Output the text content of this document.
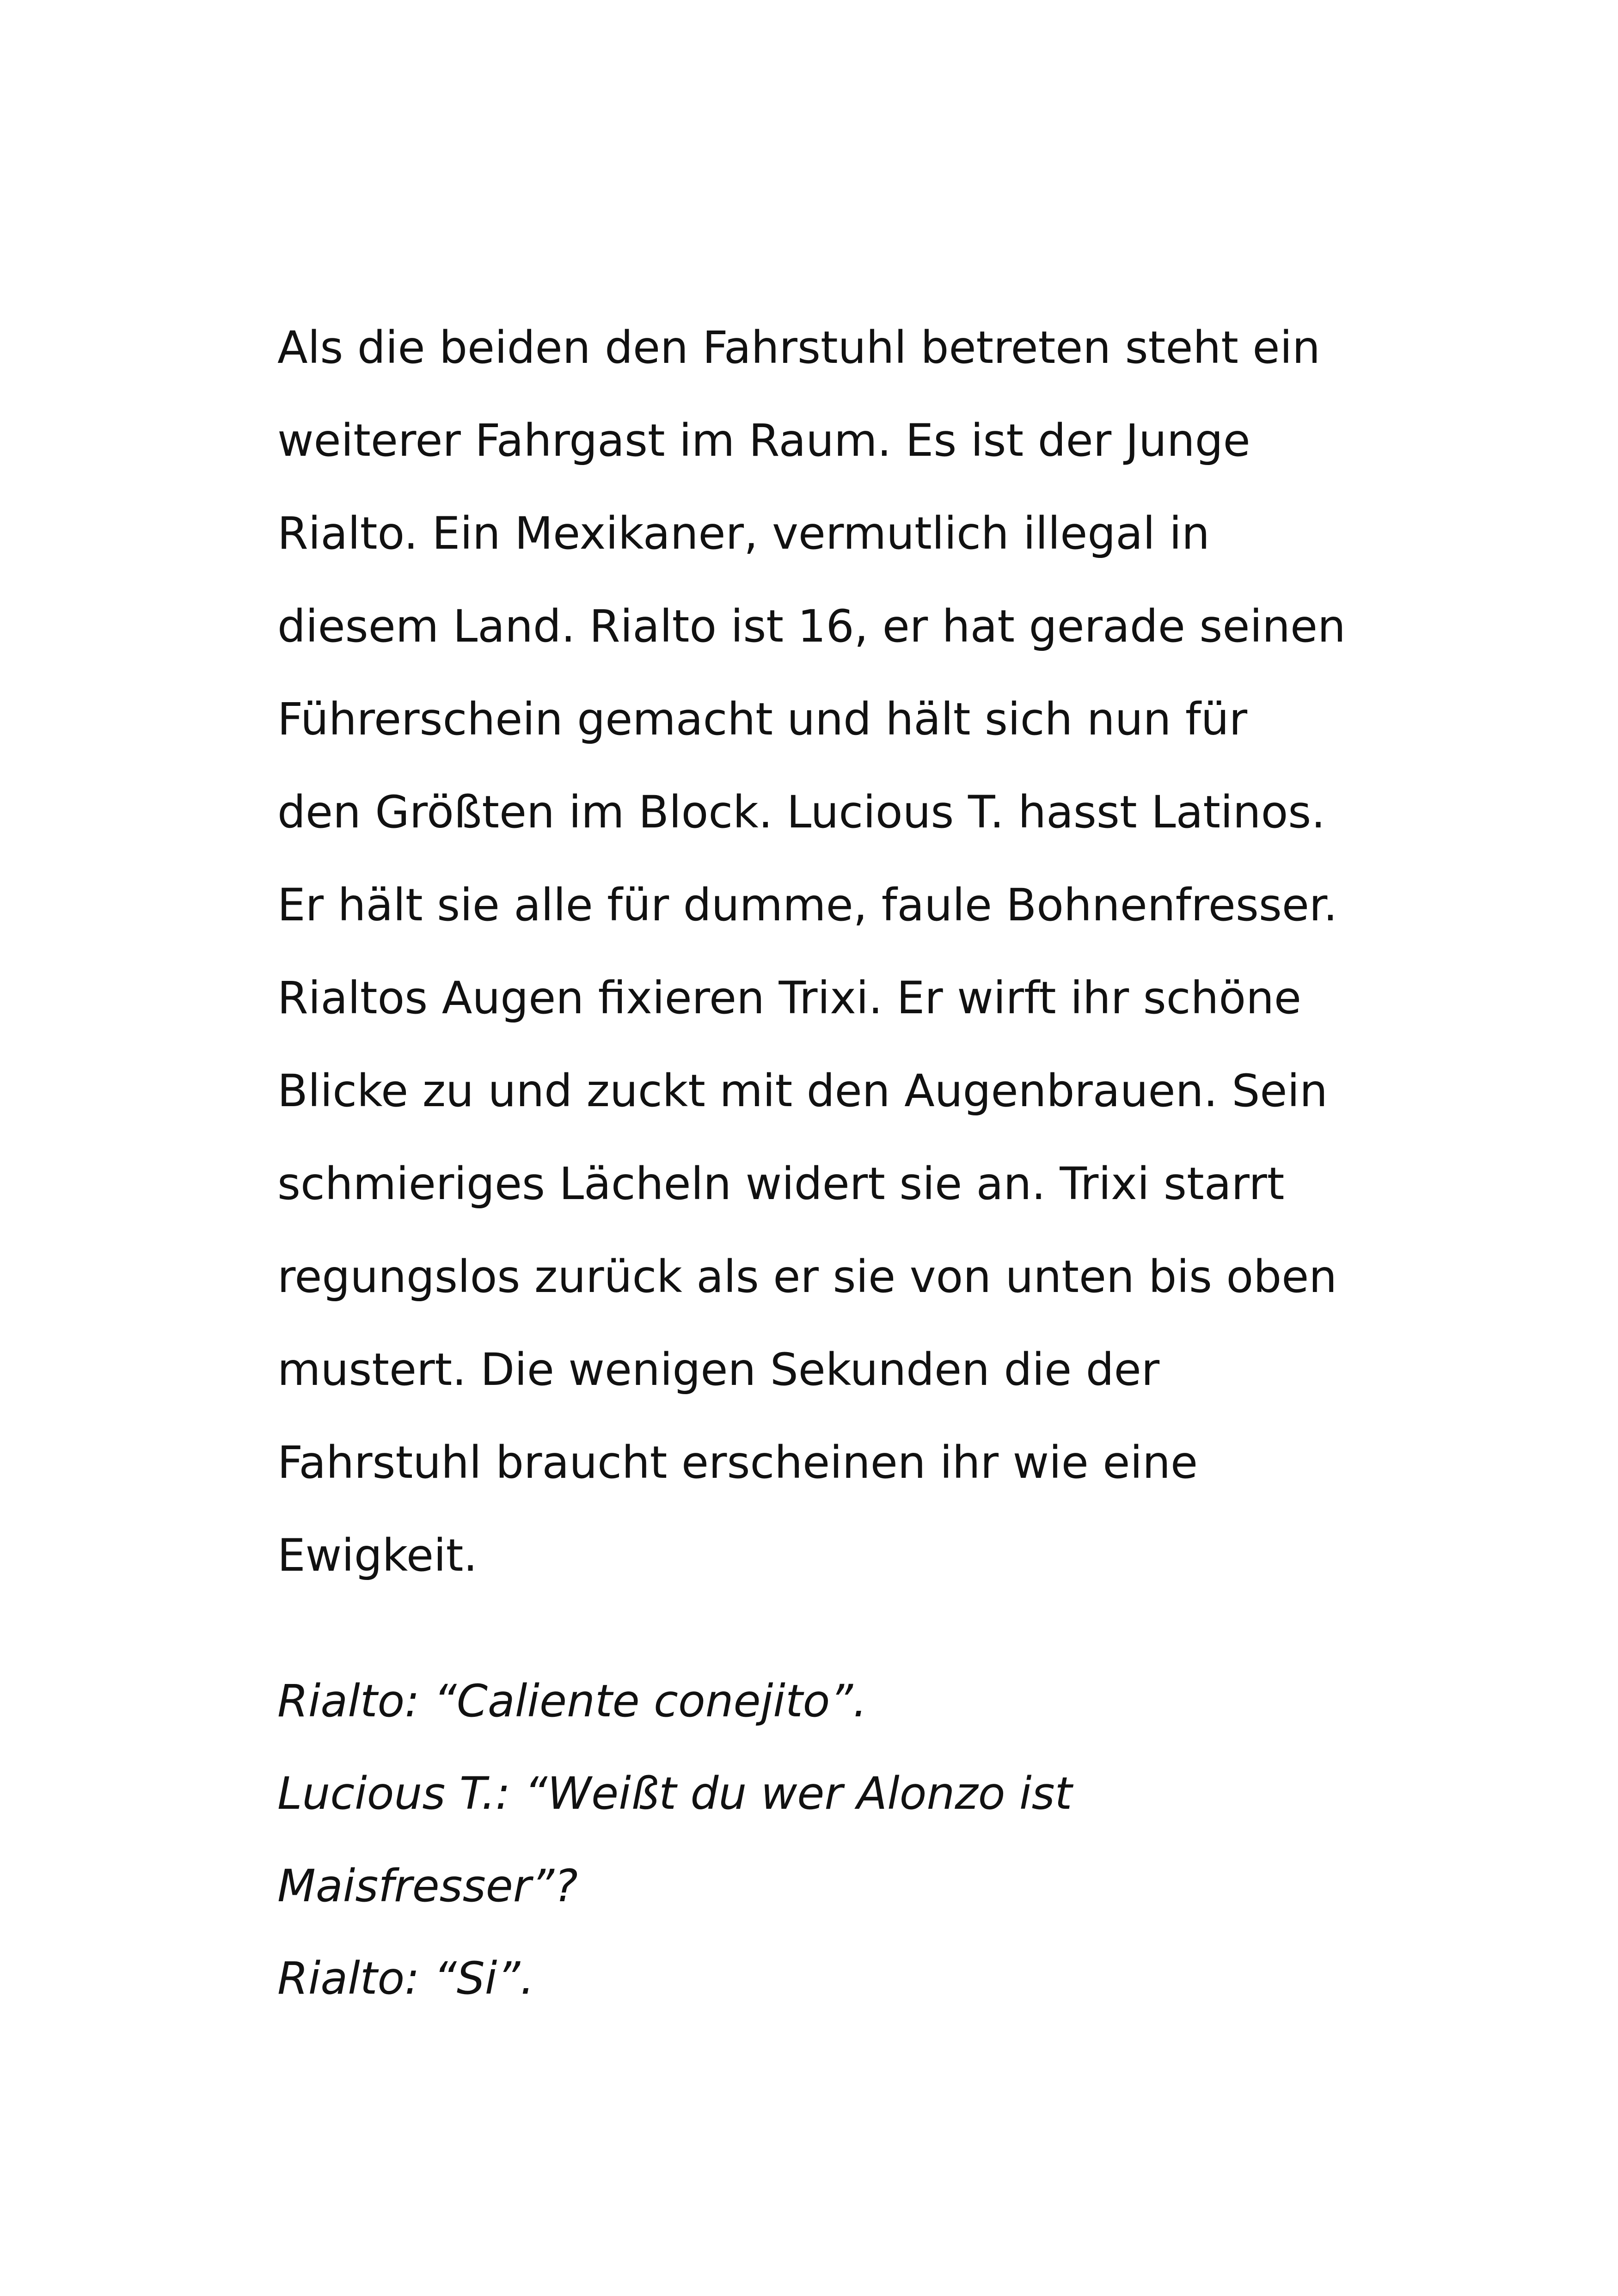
Als die beiden den Fahrstuhl betreten steht ein
weiterer Fahrgast im Raum. Es ist der Junge
Rialto. Ein Mexikaner, vermutlich illegal in
diesem Land. Rialto ist 16, er hat gerade seinen
Führerschein gemacht und hält sich nun für
den Größten im Block. Lucious T. hasst Latinos.
Er hält sie alle für dumme, faule Bohnenfresser.
Rialtos Augen fixieren Trixi. Er wirft ihr schöne
Blicke zu und zuckt mit den Augenbrauen. Sein
schmieriges Lächeln widert sie an. Trixi starrt
regungslos zurück als er sie von unten bis oben
mustert. Die wenigen Sekunden die der
Fahrstuhl braucht erscheinen ihr wie eine
Ewigkeit.
Rialto: “Caliente conejito”.
Lucious T.: “Weißt du wer Alonzo ist
Maisfresser”?
Rialto: “Si”.
